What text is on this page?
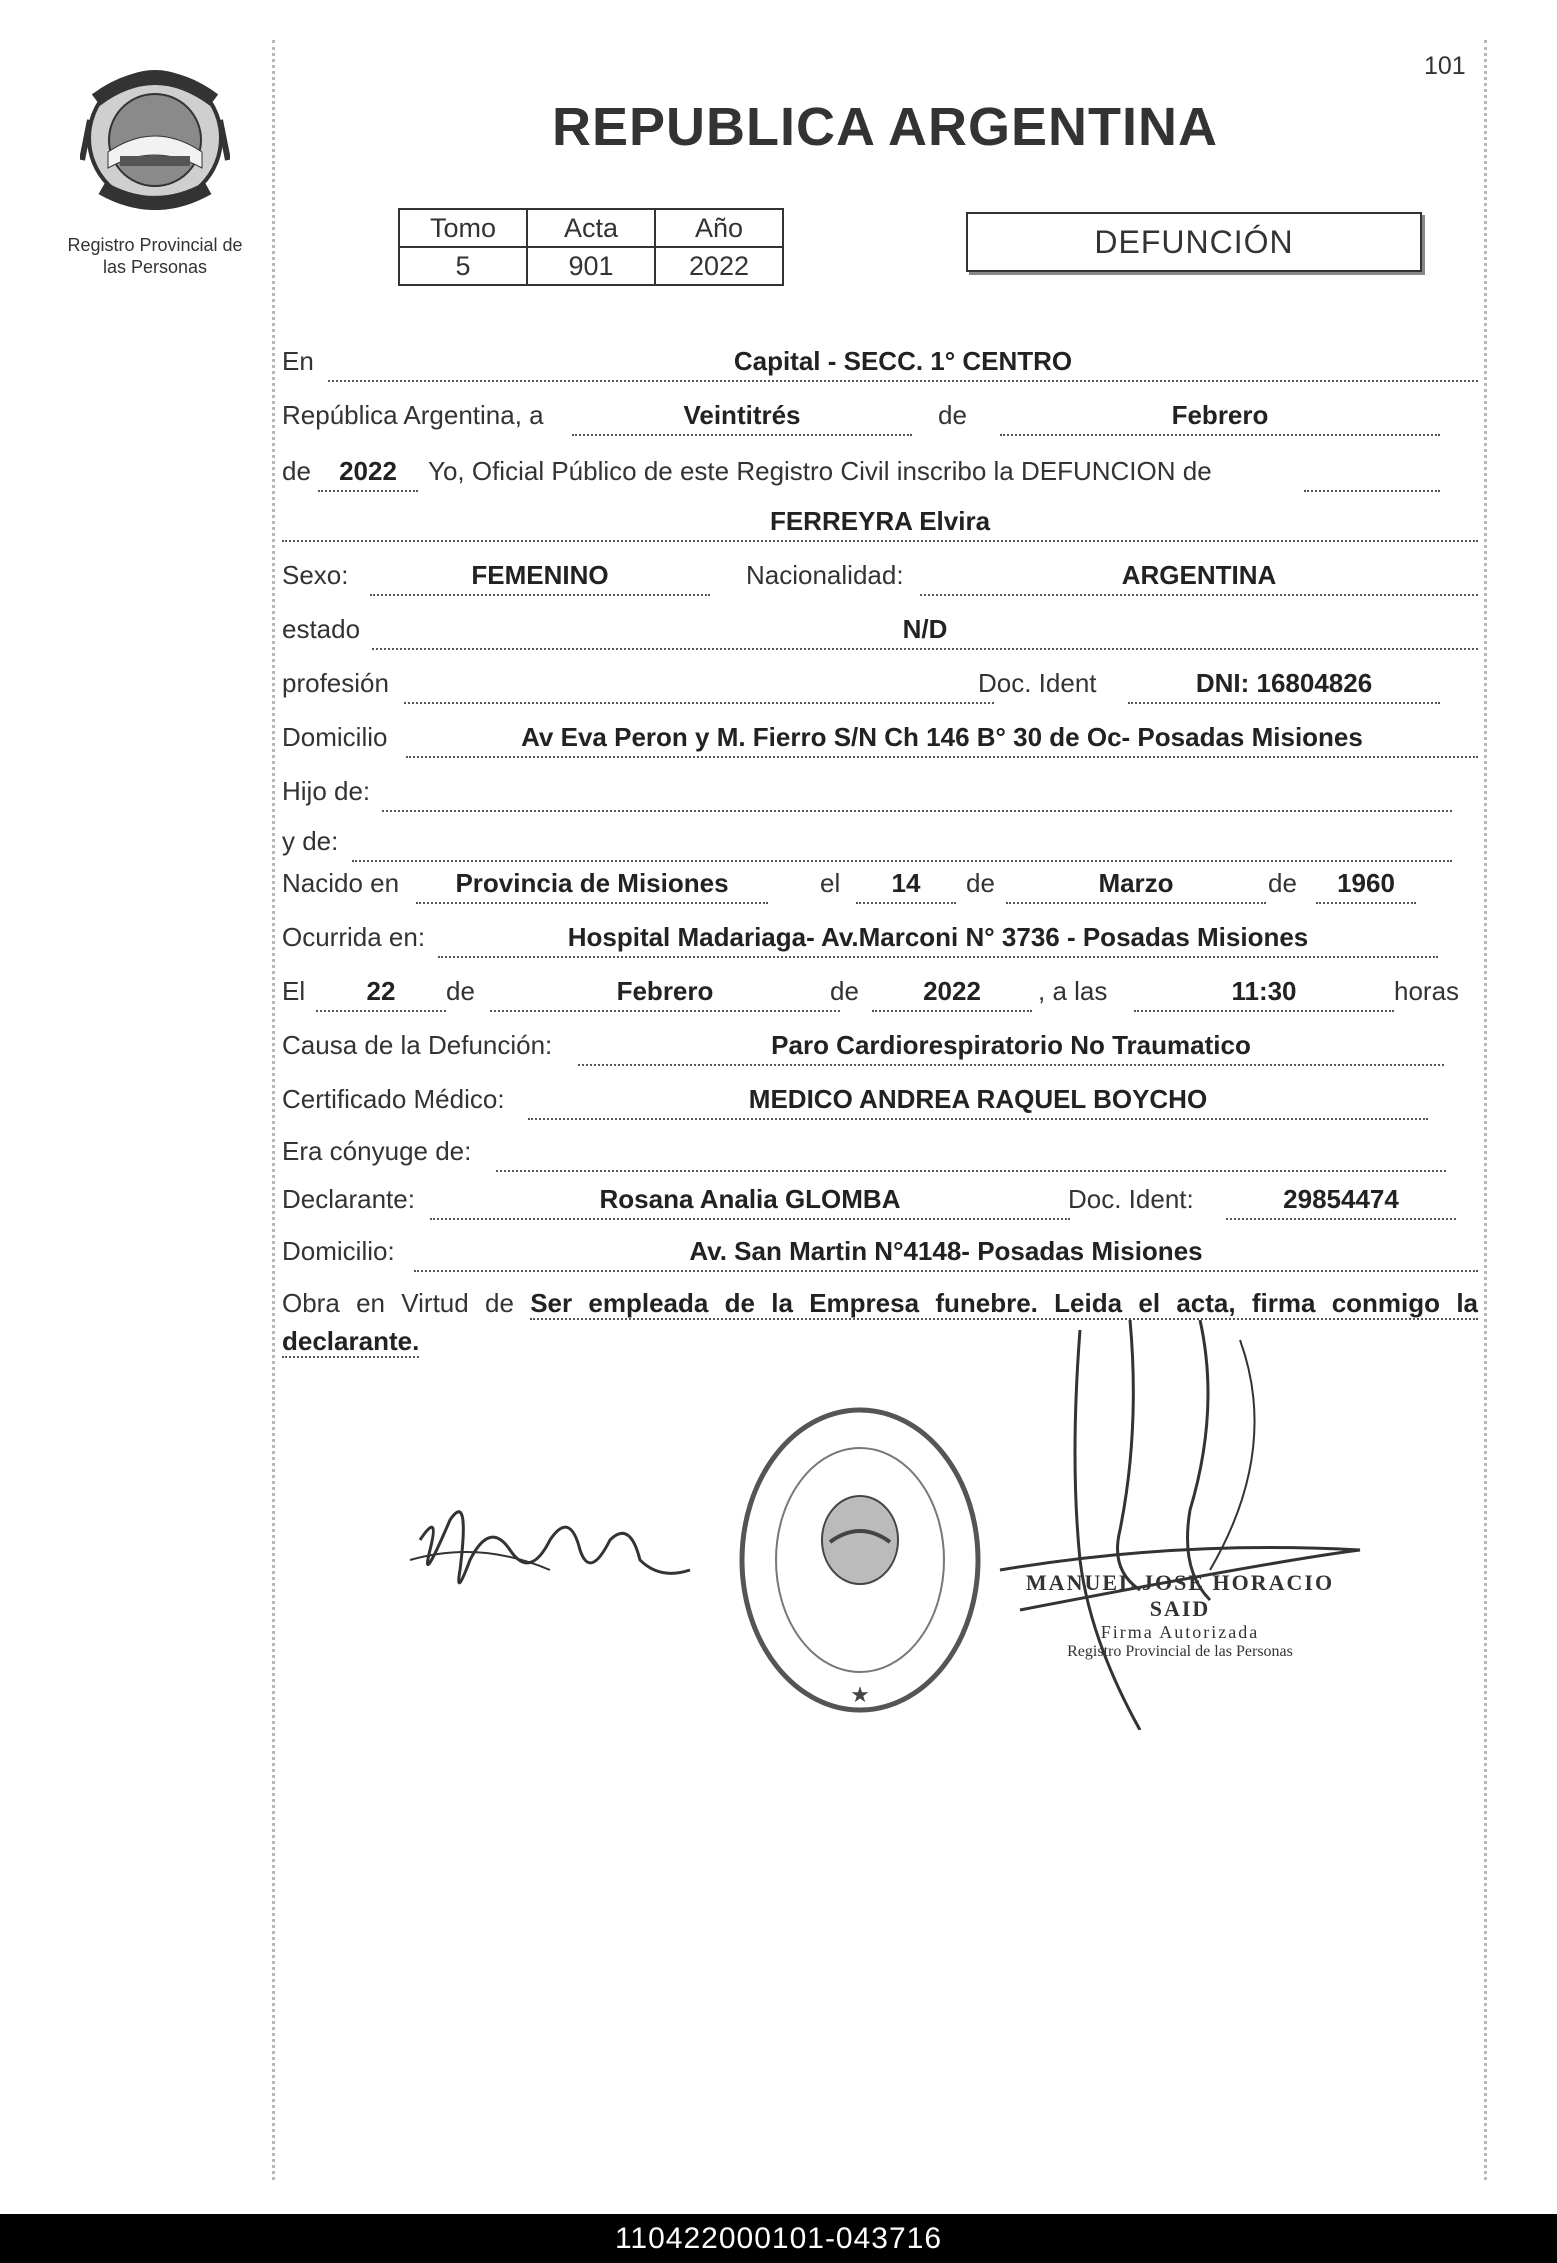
101
Registro Provincial de
las Personas
REPUBLICA ARGENTINA
Tomo	Acta	Año
5	901	2022
DEFUNCIÓN
En	Capital - SECC. 1° CENTRO
República Argentina, a	Veintitrés	de	Febrero
de	2022	Yo, Oficial Público de este Registro Civil inscribo la DEFUNCION de
FERREYRA Elvira
Sexo:	FEMENINO	Nacionalidad:	ARGENTINA
estado	N/D
profesión	Doc. Ident	DNI: 16804826
Domicilio	Av Eva Peron y M. Fierro S/N Ch 146 B° 30 de Oc- Posadas Misiones
Hijo de:
y de:
Nacido en	Provincia de Misiones	el	14	de	Marzo	de	1960
Ocurrida en:	Hospital Madariaga- Av.Marconi N° 3736 - Posadas Misiones
El	22	de	Febrero	de	2022	, a las	11:30	horas
Causa de la Defunción:	Paro Cardiorespiratorio No Traumatico
Certificado Médico:	MEDICO ANDREA RAQUEL BOYCHO
Era cónyuge de:
Declarante:	Rosana Analia GLOMBA	Doc. Ident:	29854474
Domicilio:	Av. San Martin N°4148- Posadas Misiones
Obra en Virtud de Ser empleada de la Empresa funebre. Leida el acta, firma conmigo la declarante.
★
MANUEL JOSE HORACIO SAID
Firma Autorizada
Registro Provincial de las Personas
110422000101-043716
